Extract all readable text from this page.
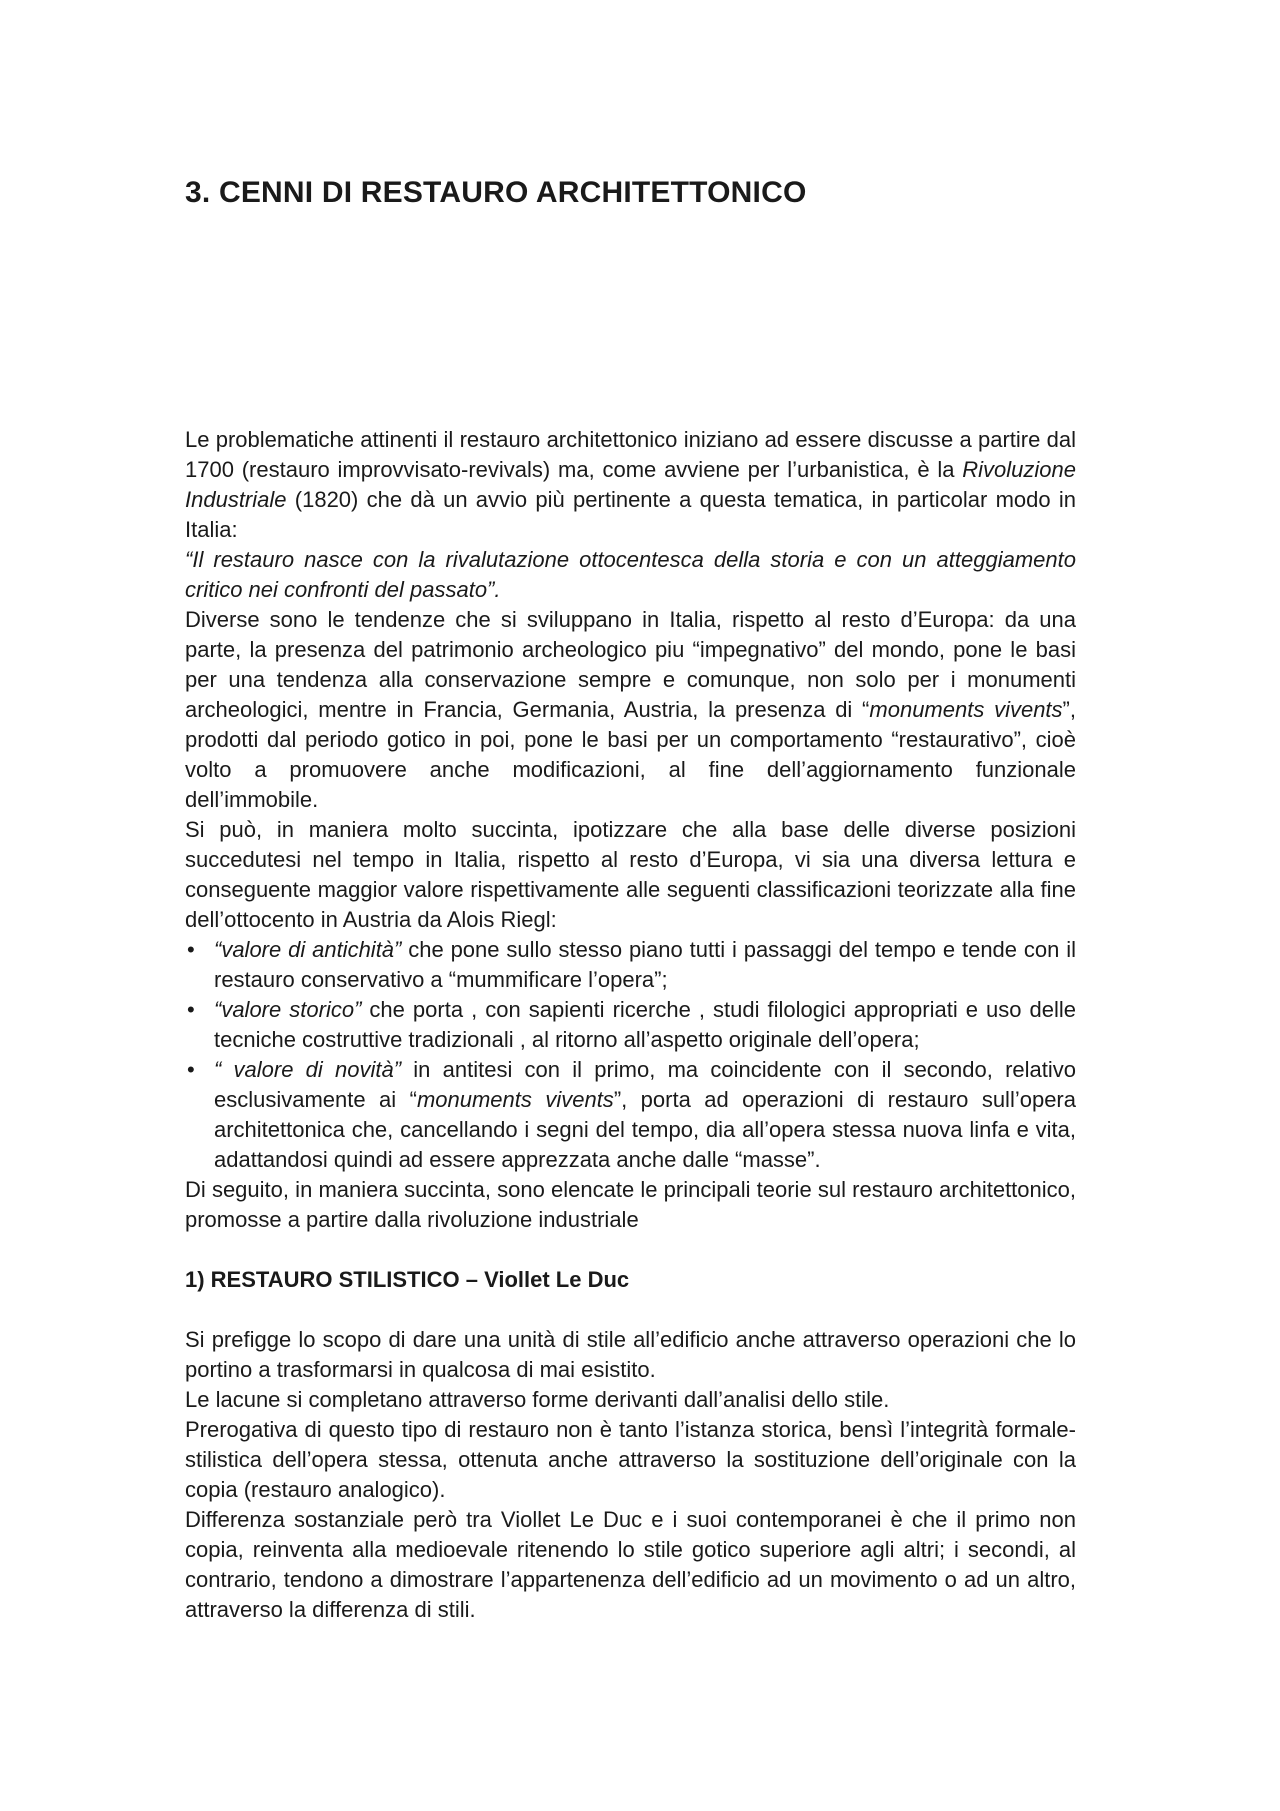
3. CENNI DI RESTAURO ARCHITETTONICO

Le problematiche attinenti il restauro architettonico iniziano ad essere discusse a partire dal 1700 (restauro improvvisato-revivals) ma, come avviene per l’urbanistica, è la Rivoluzione Industriale (1820) che dà un avvio più pertinente a questa tematica, in particolar modo in Italia:

“Il restauro nasce con la rivalutazione ottocentesca della storia e con un atteggiamento critico nei confronti del passato”.

Diverse sono le tendenze che si sviluppano in Italia, rispetto al resto d’Europa: da una parte, la presenza del patrimonio archeologico piu “impegnativo” del mondo, pone le basi per una tendenza alla conservazione sempre e comunque, non solo per i monumenti archeologici, mentre in Francia, Germania, Austria, la presenza di “monuments vivents”, prodotti dal periodo gotico in poi, pone le basi per un comportamento “restaurativo”, cioè volto a promuovere anche modificazioni, al fine dell’aggiornamento funzionale dell’immobile.

Si può, in maniera molto succinta, ipotizzare che alla base delle diverse posizioni succedutesi nel tempo in Italia, rispetto al resto d’Europa, vi sia una diversa lettura e conseguente maggior valore rispettivamente alle seguenti classificazioni teorizzate alla fine dell’ottocento in Austria da Alois Riegl:

• “valore di antichità” che pone sullo stesso piano tutti i passaggi del tempo e tende con il restauro conservativo a “mummificare l’opera”;
• “valore storico” che porta , con sapienti ricerche , studi filologici appropriati e uso delle tecniche costruttive tradizionali , al ritorno all’aspetto originale dell’opera;
• “ valore di novità” in antitesi con il primo, ma coincidente con il secondo, relativo esclusivamente ai “monuments vivents”, porta ad operazioni di restauro sull’opera architettonica che, cancellando i segni del tempo, dia all’opera stessa nuova linfa e vita, adattandosi quindi ad essere apprezzata anche dalle “masse”.

Di seguito, in maniera succinta, sono elencate le principali teorie sul restauro architettonico, promosse a partire dalla rivoluzione industriale

1) RESTAURO STILISTICO – Viollet Le Duc

Si prefigge lo scopo di dare una unità di stile all’edificio anche attraverso operazioni che lo portino a trasformarsi in qualcosa di mai esistito.

Le lacune si completano attraverso forme derivanti dall’analisi dello stile.

Prerogativa di questo tipo di restauro non è tanto l’istanza storica, bensì l’integrità formale-stilistica dell’opera stessa, ottenuta anche attraverso la sostituzione dell’originale con la copia (restauro analogico).

Differenza sostanziale però tra Viollet Le Duc e i suoi contemporanei è che il primo non copia, reinventa alla medioevale ritenendo lo stile gotico superiore agli altri; i secondi, al contrario, tendono a dimostrare l’appartenenza dell’edificio ad un movimento o ad un altro, attraverso la differenza di stili.
